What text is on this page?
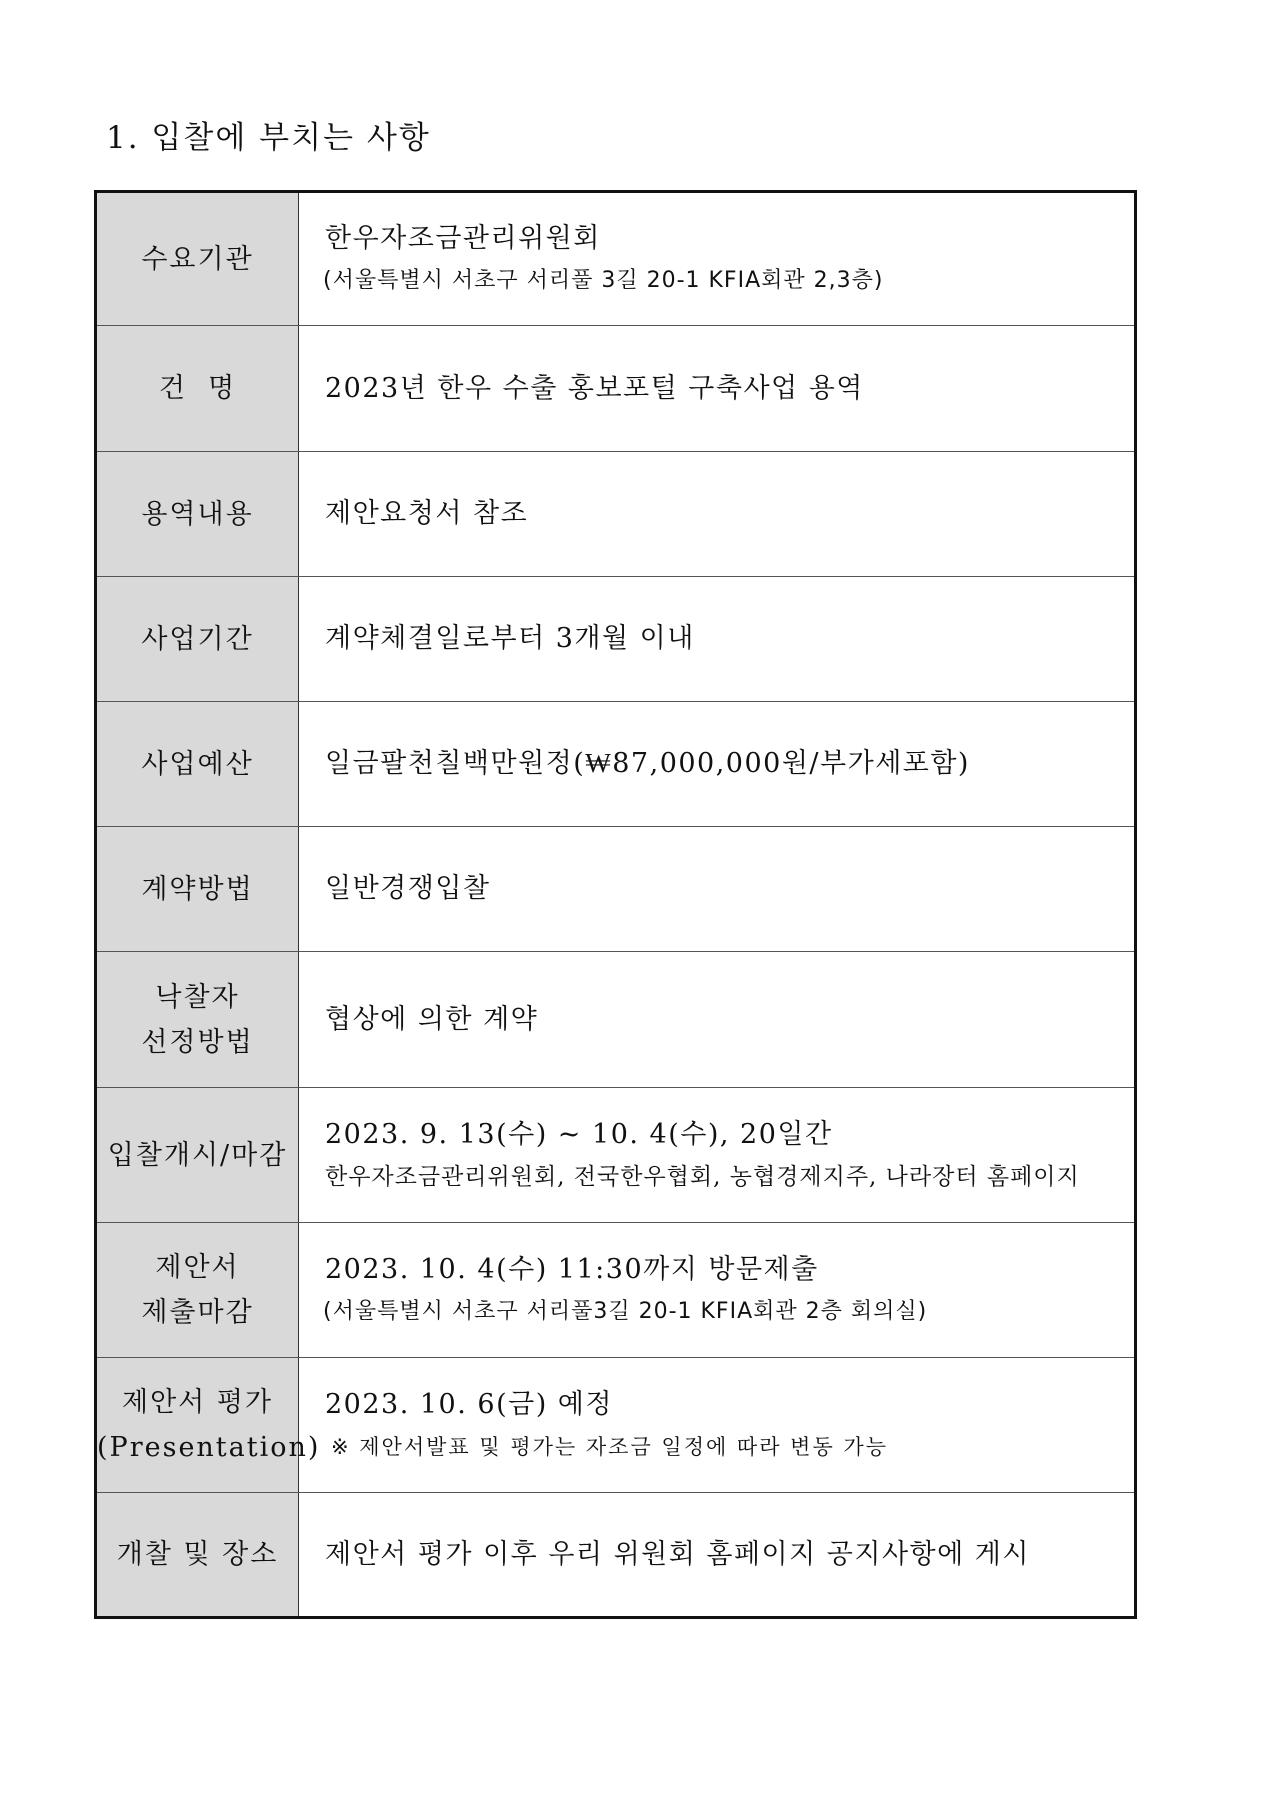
1. 입찰에 부치는 사항
수요기관	한우자조금관리위원회
(서울특별시 서초구 서리풀 3길 20-1 KFIA회관 2,3층)

건  명	2023년 한우 수출 홍보포털 구축사업 용역

용역내용	제안요청서 참조

사업기간	계약체결일로부터 3개월 이내

사업예산	일금팔천칠백만원정(₩87,000,000원/부가세포함)

계약방법	일반경쟁입찰

낙찰자
선정방법	협상에 의한 계약

입찰개시/마감	2023. 9. 13(수) ~ 10. 4(수), 20일간
한우자조금관리위원회, 전국한우협회, 농협경제지주, 나라장터 홈페이지

제안서
제출마감	2023. 10. 4(수) 11:30까지 방문제출
(서울특별시 서초구 서리풀3길 20-1 KFIA회관 2층 회의실)

제안서 평가
(Presentation)	2023. 10. 6(금) 예정
※ 제안서발표 및 평가는 자조금 일정에 따라 변동 가능

개찰 및 장소	제안서 평가 이후 우리 위원회 홈페이지 공지사항에 게시
